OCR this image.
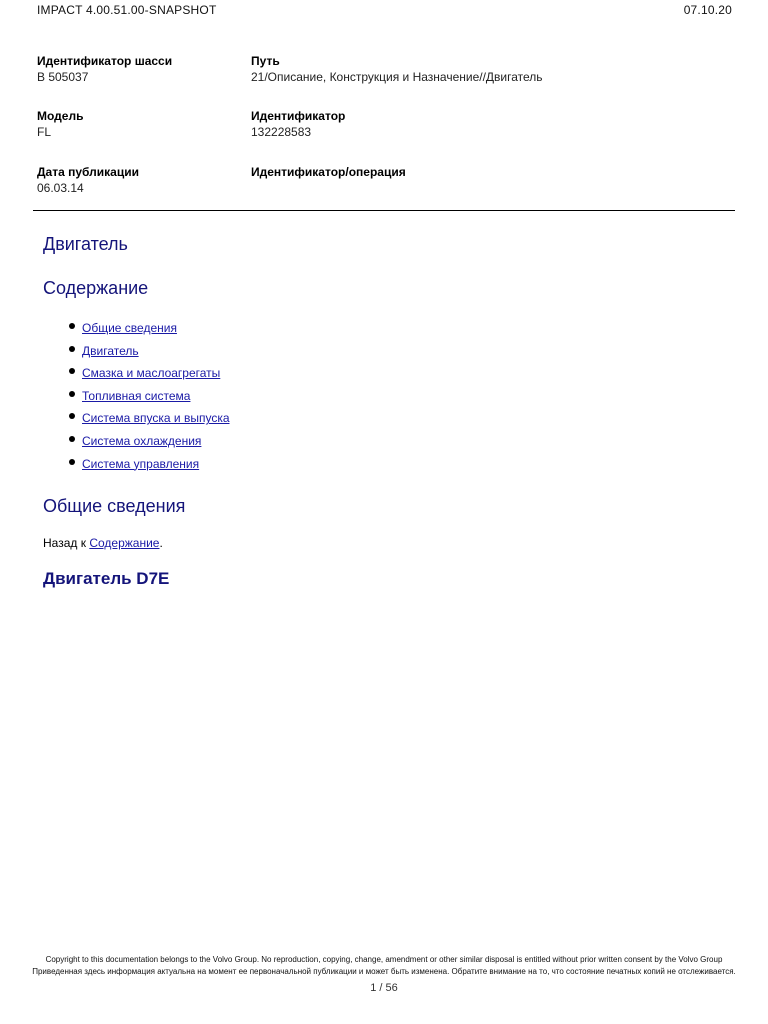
IMPACT 4.00.51.00-SNAPSHOT	07.10.20
Идентификатор шасси
B 505037
Путь
21/Описание, Конструкция и Назначение//Двигатель
Модель
FL
Идентификатор
132228583
Дата публикации
06.03.14
Идентификатор/операция
Двигатель
Содержание
Общие сведения
Двигатель
Смазка и маслоагрегаты
Топливная система
Система впуска и выпуска
Система охлаждения
Система управления
Общие сведения
Назад к Содержание.
Двигатель D7E
Copyright to this documentation belongs to the Volvo Group. No reproduction, copying, change, amendment or other similar disposal is entitled without prior written consent by the Volvo Group
Приведенная здесь информация актуальна на момент ее первоначальной публикации и может быть изменена. Обратите внимание на то, что состояние печатных копий не отслеживается.
1 / 56
